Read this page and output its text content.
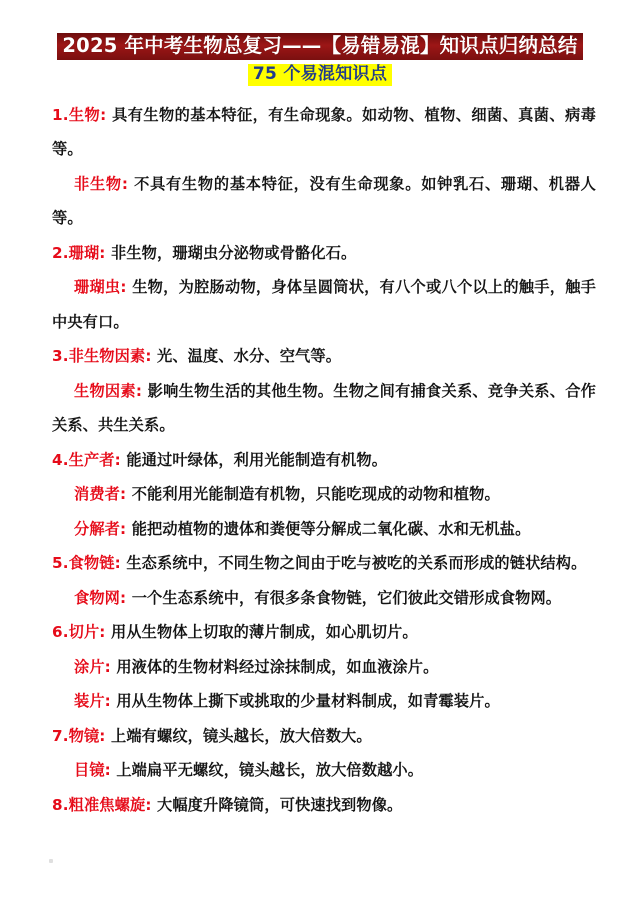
2025 年中考生物总复习——【易错易混】知识点归纳总结
75 个易混知识点

1.生物: 具有生物的基本特征，有生命现象。如动物、植物、细菌、真菌、病毒等。

非生物: 不具有生物的基本特征，没有生命现象。如钟乳石、珊瑚、机器人等。

2.珊瑚: 非生物，珊瑚虫分泌物或骨骼化石。

珊瑚虫: 生物，为腔肠动物，身体呈圆筒状，有八个或八个以上的触手，触手中央有口。

3.非生物因素: 光、温度、水分、空气等。

生物因素: 影响生物生活的其他生物。生物之间有捕食关系、竞争关系、合作关系、共生关系。

4.生产者: 能通过叶绿体，利用光能制造有机物。

消费者: 不能利用光能制造有机物，只能吃现成的动物和植物。

分解者: 能把动植物的遗体和粪便等分解成二氧化碳、水和无机盐。

5.食物链: 生态系统中，不同生物之间由于吃与被吃的关系而形成的链状结构。

食物网: 一个生态系统中，有很多条食物链，它们彼此交错形成食物网。

6.切片: 用从生物体上切取的薄片制成，如心肌切片。

涂片: 用液体的生物材料经过涂抹制成，如血液涂片。

装片: 用从生物体上撕下或挑取的少量材料制成，如青霉装片。

7.物镜: 上端有螺纹，镜头越长，放大倍数大。

目镜: 上端扁平无螺纹，镜头越长，放大倍数越小。

8.粗准焦螺旋: 大幅度升降镜筒，可快速找到物像。
